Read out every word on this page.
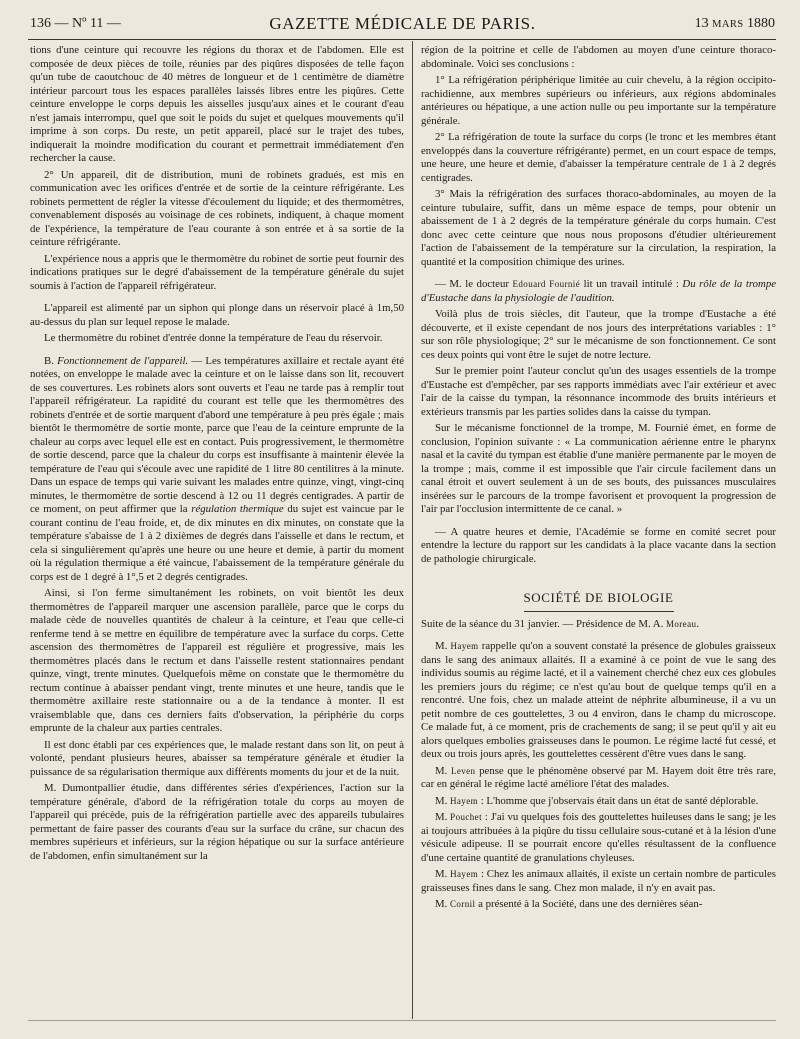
136 — Nº 11 —	GAZETTE MÉDICALE DE PARIS.	13 MARS 1880

tions d'une ceinture qui recouvre les régions du thorax et de l'abdomen. Elle est composée de deux pièces de toile, réunies par des piqûres disposées de telle façon qu'un tube de caoutchouc de 40 mètres de longueur et de 1 centimètre de diamètre intérieur parcourt tous les espaces parallèles laissés libres entre les piqûres. Cette ceinture enveloppe le corps depuis les aisselles jusqu'aux aines et le courant d'eau n'est jamais interrompu, quel que soit le poids du sujet et quelques mouvements qu'il imprime à son corps. Du reste, un petit appareil, placé sur le trajet des tubes, indiquerait la moindre modification du courant et permettrait immédiatement d'en rechercher la cause.

2° Un appareil, dit de distribution, muni de robinets gradués, est mis en communication avec les orifices d'entrée et de sortie de la ceinture réfrigérante. Les robinets permettent de régler la vitesse d'écoulement du liquide; et des thermomètres, convenablement disposés au voisinage de ces robinets, indiquent, à chaque moment de l'expérience, la température de l'eau courante à son entrée et à sa sortie de la ceinture réfrigérante.

L'expérience nous a appris que le thermomètre du robinet de sortie peut fournir des indications pratiques sur le degré d'abaissement de la température générale du sujet soumis à l'action de l'appareil réfrigérateur.

L'appareil est alimenté par un siphon qui plonge dans un réservoir placé à 1m,50 au-dessus du plan sur lequel repose le malade.

Le thermomètre du robinet d'entrée donne la température de l'eau du réservoir.

B. Fonctionnement de l'appareil. — Les températures axillaire et rectale ayant été notées, on enveloppe le malade avec la ceinture et on le laisse dans son lit, recouvert de ses couvertures. Les robinets alors sont ouverts et l'eau ne tarde pas à remplir tout l'appareil réfrigérateur. La rapidité du courant est telle que les thermomètres des robinets d'entrée et de sortie marquent d'abord une température à peu près égale ; mais bientôt le thermomètre de sortie monte, parce que l'eau de la ceinture emprunte de la chaleur au corps avec lequel elle est en contact. Puis progressivement, le thermomètre de sortie descend, parce que la chaleur du corps est insuffisante à maintenir élevée la température de l'eau qui s'écoule avec une rapidité de 1 litre 80 centilitres à la minute. Dans un espace de temps qui varie suivant les malades entre quinze, vingt, vingt-cinq minutes, le thermomètre de sortie descend à 12 ou 11 degrés centigrades. A partir de ce moment, on peut affirmer que la régulation thermique du sujet est vaincue par le courant continu de l'eau froide, et, de dix minutes en dix minutes, on constate que la température s'abaisse de 1 à 2 dixièmes de degrés dans l'aisselle et dans le rectum, et cela si singulièrement qu'après une heure ou une heure et demie, à partir du moment où la régulation thermique a été vaincue, l'abaissement de la température générale du corps est de 1 degré à 1°,5 et 2 degrés centigrades.

Ainsi, si l'on ferme simultanément les robinets, on voit bientôt les deux thermomètres de l'appareil marquer une ascension parallèle, parce que le corps du malade cède de nouvelles quantités de chaleur à la ceinture, et l'eau que celle-ci renferme tend à se mettre en équilibre de température avec la surface du corps. Cette ascension des thermomètres de l'appareil est régulière et progressive, mais les thermomètres placés dans le rectum et dans l'aisselle restent stationnaires pendant quinze, vingt, trente minutes. Quelquefois même on constate que le thermomètre du rectum continue à abaisser pendant vingt, trente minutes et une heure, tandis que le thermomètre axillaire reste stationnaire ou a de la tendance à monter. Il est vraisemblable que, dans ces derniers faits d'observation, la périphérie du corps emprunte de la chaleur aux parties centrales.

Il est donc établi par ces expériences que, le malade restant dans son lit, on peut à volonté, pendant plusieurs heures, abaisser sa température générale et étudier la puissance de sa régularisation thermique aux différents moments du jour et de la nuit.

M. Dumontpallier étudie, dans différentes séries d'expériences, l'action sur la température générale, d'abord de la réfrigération totale du corps au moyen de l'appareil qui précède, puis de la réfrigération partielle avec des appareils tubulaires permettant de faire passer des courants d'eau sur la surface du crâne, sur chacun des membres supérieurs et inférieurs, sur la région hépatique ou sur la surface antérieure de l'abdomen, enfin simultanément sur la

région de la poitrine et celle de l'abdomen au moyen d'une ceinture thoraco-abdominale. Voici ses conclusions :

1° La réfrigération périphérique limitée au cuir chevelu, à la région occipito-rachidienne, aux membres supérieurs ou inférieurs, aux régions abdominales antérieures ou hépatique, a une action nulle ou peu importante sur la température générale.

2° La réfrigération de toute la surface du corps (le tronc et les membres étant enveloppés dans la couverture réfrigérante) permet, en un court espace de temps, une heure, une heure et demie, d'abaisser la température centrale de 1 à 2 degrés centigrades.

3° Mais la réfrigération des surfaces thoraco-abdominales, au moyen de la ceinture tubulaire, suffit, dans un même espace de temps, pour obtenir un abaissement de 1 à 2 degrés de la température générale du corps humain. C'est donc avec cette ceinture que nous nous proposons d'étudier ultérieurement l'action de l'abaissement de la température sur la circulation, la respiration, la quantité et la composition chimique des urines.

— M. le docteur Edouard Fournié lit un travail intitulé : Du rôle de la trompe d'Eustache dans la physiologie de l'audition.

Voilà plus de trois siècles, dit l'auteur, que la trompe d'Eustache a été découverte, et il existe cependant de nos jours des interprétations variables : 1° sur son rôle physiologique; 2° sur le mécanisme de son fonctionnement. Ce sont ces deux points qui vont être le sujet de notre lecture.

Sur le premier point l'auteur conclut qu'un des usages essentiels de la trompe d'Eustache est d'empêcher, par ses rapports immédiats avec l'air extérieur et avec l'air de la caisse du tympan, la résonnance incommode des bruits intérieurs et extérieurs transmis par les parties solides dans la caisse du tympan.

Sur le mécanisme fonctionnel de la trompe, M. Fournié émet, en forme de conclusion, l'opinion suivante : « La communication aérienne entre le pharynx nasal et la cavité du tympan est établie d'une manière permanente par le moyen de la trompe ; mais, comme il est impossible que l'air circule facilement dans un canal étroit et ouvert seulement à un de ses bouts, des puissances musculaires insérées sur le parcours de la trompe favorisent et provoquent la progression de l'air par l'occlusion intermittente de ce canal. »

— A quatre heures et demie, l'Académie se forme en comité secret pour entendre la lecture du rapport sur les candidats à la place vacante dans la section de pathologie chirurgicale.

SOCIÉTÉ DE BIOLOGIE

Suite de la séance du 31 janvier. — Présidence de M. A. Moreau.

M. Hayem rappelle qu'on a souvent constaté la présence de globules graisseux dans le sang des animaux allaités. Il a examiné à ce point de vue le sang des individus soumis au régime lacté, et il a vainement cherché chez eux ces globules les premiers jours du régime; ce n'est qu'au bout de quelque temps qu'il en a rencontré. Une fois, chez un malade atteint de néphrite albumineuse, il a vu un petit nombre de ces gouttelettes, 3 ou 4 environ, dans le champ du microscope. Ce malade fut, à ce moment, pris de crachements de sang; il se peut qu'il y ait eu alors quelques embolies graisseuses dans le poumon. Le régime lacté fut cessé, et deux ou trois jours après, les gouttelettes cessèrent d'être vues dans le sang.

M. Leven pense que le phénomène observé par M. Hayem doit être très rare, car en général le régime lacté améliore l'état des malades.

M. Hayem : L'homme que j'observais était dans un état de santé déplorable.

M. Pouchet : J'ai vu quelques fois des gouttelettes huileuses dans le sang; je les ai toujours attribuées à la piqûre du tissu cellulaire sous-cutané et à la lésion d'une vésicule adipeuse. Il se pourrait encore qu'elles résultassent de la confluence d'une certaine quantité de granulations chyleuses.

M. Hayem : Chez les animaux allaités, il existe un certain nombre de particules graisseuses fines dans le sang. Chez mon malade, il n'y en avait pas.

M. Cornil a présenté à la Société, dans une des dernières séan-
